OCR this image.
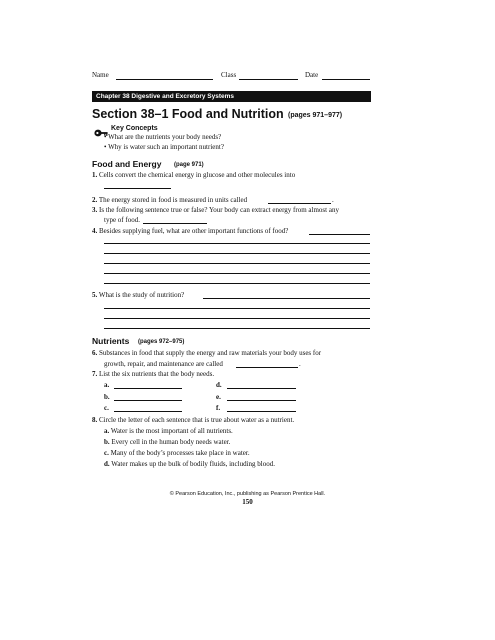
Name	Class	Date
Chapter 38 Digestive and Excretory Systems
Section 38–1 Food and Nutrition (pages 971–977)
Key Concepts
• What are the nutrients your body needs?
• Why is water such an important nutrient?
Food and Energy (page 971)
1. Cells convert the chemical energy in glucose and other molecules into
2. The energy stored in food is measured in units called	.
3. Is the following sentence true or false? Your body can extract energy from almost any
type of food.
4. Besides supplying fuel, what are other important functions of food?
5. What is the study of nutrition?
Nutrients (pages 972–975)
6. Substances in food that supply the energy and raw materials your body uses for
growth, repair, and maintenance are called	.
7. List the six nutrients that the body needs.
a.	d.
b.	e.
c.	f.
8. Circle the letter of each sentence that is true about water as a nutrient.
a. Water is the most important of all nutrients.
b. Every cell in the human body needs water.
c. Many of the body’s processes take place in water.
d. Water makes up the bulk of bodily fluids, including blood.
© Pearson Education, Inc., publishing as Pearson Prentice Hall.
150
